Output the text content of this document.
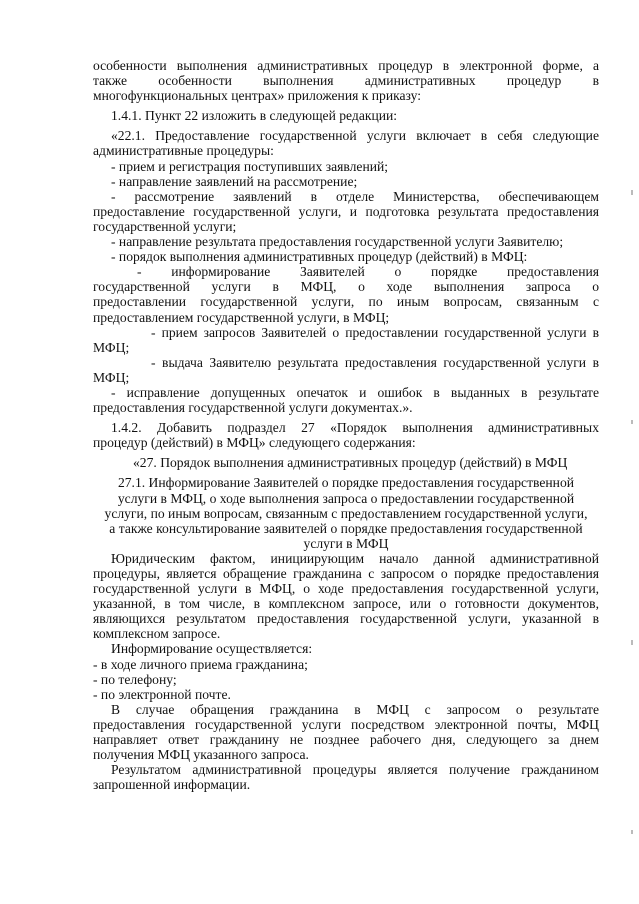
особенности выполнения административных процедур в электронной форме, а

также особенности выполнения административных процедур в

многофункциональных центрах» приложения к приказу:

1.4.1. Пункт 22 изложить в следующей редакции:

«22.1. Предоставление государственной услуги включает в себя следующие

административные процедуры:

- прием и регистрация поступивших заявлений;

- направление заявлений на рассмотрение;

- рассмотрение заявлений в отделе Министерства, обеспечивающем

предоставление государственной услуги, и подготовка результата предоставления

государственной услуги;

- направление результата предоставления государственной услуги Заявителю;

- порядок выполнения административных процедур (действий) в МФЦ:

- информирование Заявителей о порядке предоставления

государственной услуги в МФЦ, о ходе выполнения запроса о

предоставлении государственной услуги, по иным вопросам, связанным с

предоставлением государственной услуги, в МФЦ;

- прием запросов Заявителей о предоставлении государственной услуги в

МФЦ;

- выдача Заявителю результата предоставления государственной услуги в

МФЦ;

- исправление допущенных опечаток и ошибок в выданных в результате

предоставления государственной услуги документах.».

1.4.2. Добавить подраздел 27 «Порядок выполнения административных

процедур (действий) в МФЦ» следующего содержания:

«27. Порядок выполнения административных процедур (действий) в МФЦ

27.1. Информирование Заявителей о порядке предоставления государственной

услуги в МФЦ, о ходе выполнения запроса о предоставлении государственной

услуги, по иным вопросам, связанным с предоставлением государственной услуги,

а также консультирование заявителей о порядке предоставления государственной

услуги в МФЦ

Юридическим фактом, инициирующим начало данной административной

процедуры, является обращение гражданина с запросом о порядке предоставления

государственной услуги в МФЦ, о ходе предоставления государственной услуги,

указанной, в том числе, в комплексном запросе, или о готовности документов,

являющихся результатом предоставления государственной услуги, указанной в

комплексном запросе.

Информирование осуществляется:

- в ходе личного приема гражданина;

- по телефону;

- по электронной почте.

В случае обращения гражданина в МФЦ с запросом о результате

предоставления государственной услуги посредством электронной почты, МФЦ

направляет ответ гражданину не позднее рабочего дня, следующего за днем

получения МФЦ указанного запроса.

Результатом административной процедуры является получение гражданином

запрошенной информации.
